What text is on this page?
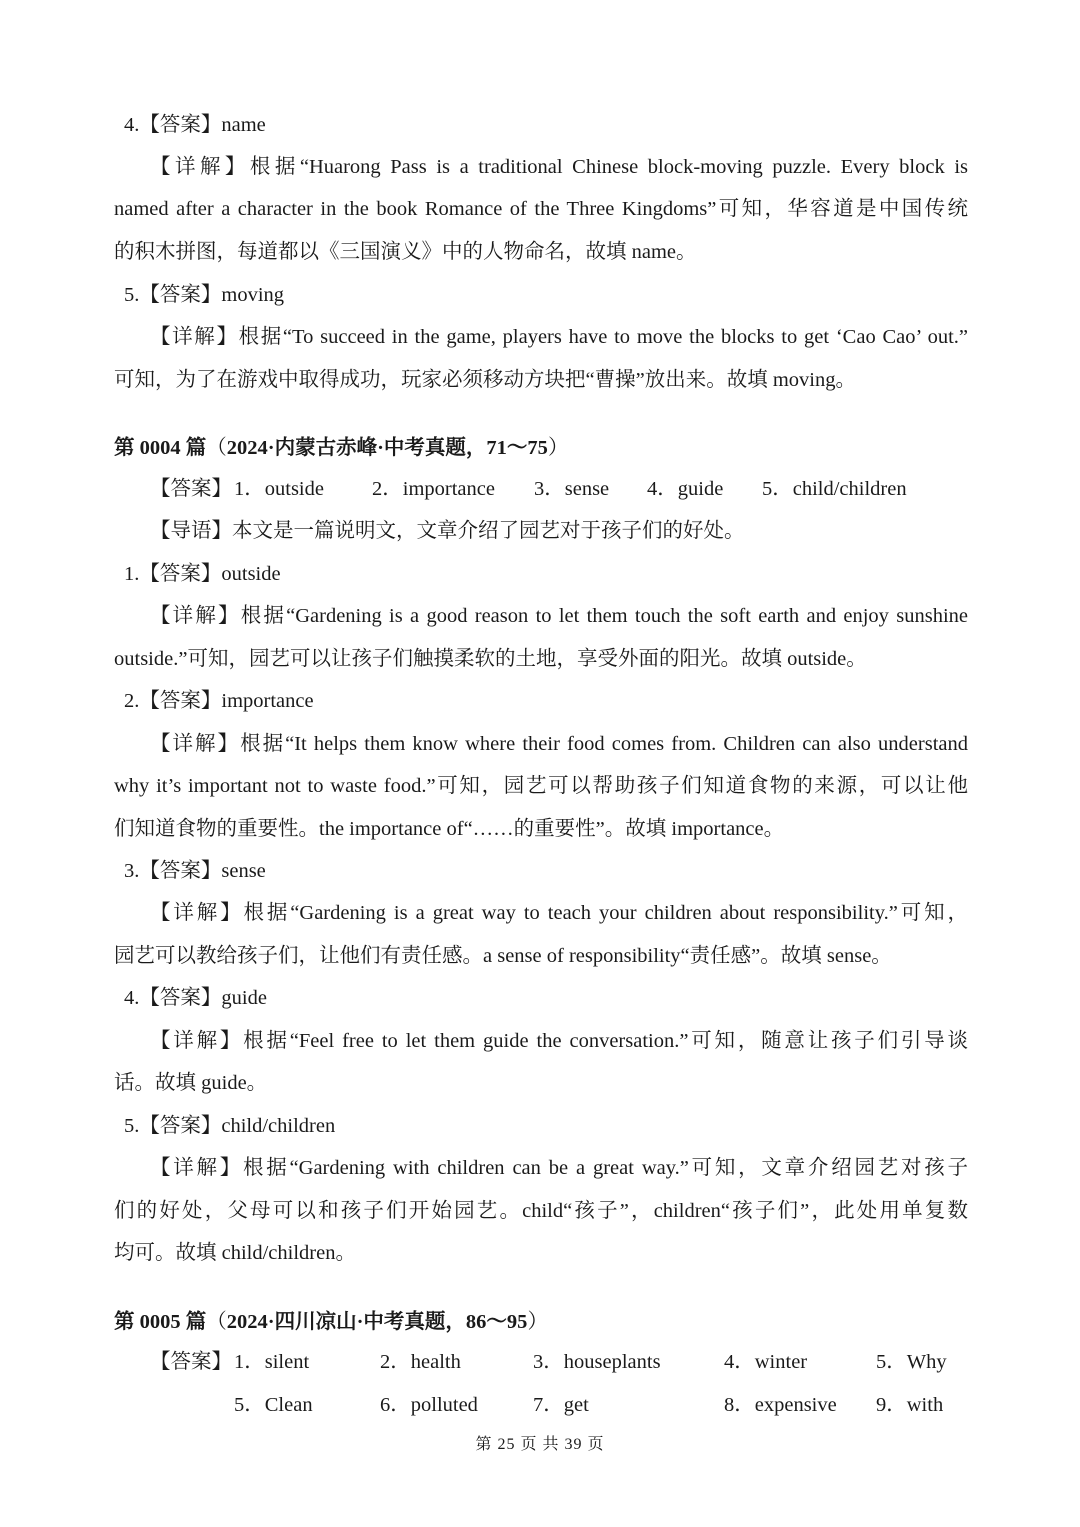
4.【答案】name
【详解】根据“Huarong Pass is a traditional Chinese block-moving puzzle. Every block is
named after a character in the book Romance of the Three Kingdoms”可知，华容道是中国传统
的积木拼图，每道都以《三国演义》中的人物命名，故填 name。
5.【答案】moving
【详解】根据“To succeed in the game, players have to move the blocks to get ‘Cao Cao’ out.”
可知，为了在游戏中取得成功，玩家必须移动方块把“曹操”放出来。故填 moving。
第 0004 篇（2024·内蒙古赤峰·中考真题，71～75）
【答案】 1．outside 2．importance 3．sense 4．guide 5．child/children
【导语】本文是一篇说明文，文章介绍了园艺对于孩子们的好处。
1.【答案】outside
【详解】根据“Gardening is a good reason to let them touch the soft earth and enjoy sunshine
outside.”可知，园艺可以让孩子们触摸柔软的土地，享受外面的阳光。故填 outside。
2.【答案】importance
【详解】根据“It helps them know where their food comes from. Children can also understand
why it’s important not to waste food.”可知，园艺可以帮助孩子们知道食物的来源，可以让他
们知道食物的重要性。the importance of“……的重要性”。故填 importance。
3.【答案】sense
【详解】根据“Gardening is a great way to teach your children about responsibility.”可知，
园艺可以教给孩子们，让他们有责任感。a sense of responsibility“责任感”。故填 sense。
4.【答案】guide
【详解】根据“Feel free to let them guide the conversation.”可知，随意让孩子们引导谈
话。故填 guide。
5.【答案】child/children
【详解】根据“Gardening with children can be a great way.”可知，文章介绍园艺对孩子
们的好处，父母可以和孩子们开始园艺。child“孩子”，children“孩子们”，此处用单复数
均可。故填 child/children。
第 0005 篇（2024·四川凉山·中考真题，86～95）
【答案】 1．silent	2．health	3．houseplants	4．winter	5．Why
5．Clean	6．polluted	7．get	8．expensive 9．with
第 25 页 共 39 页
